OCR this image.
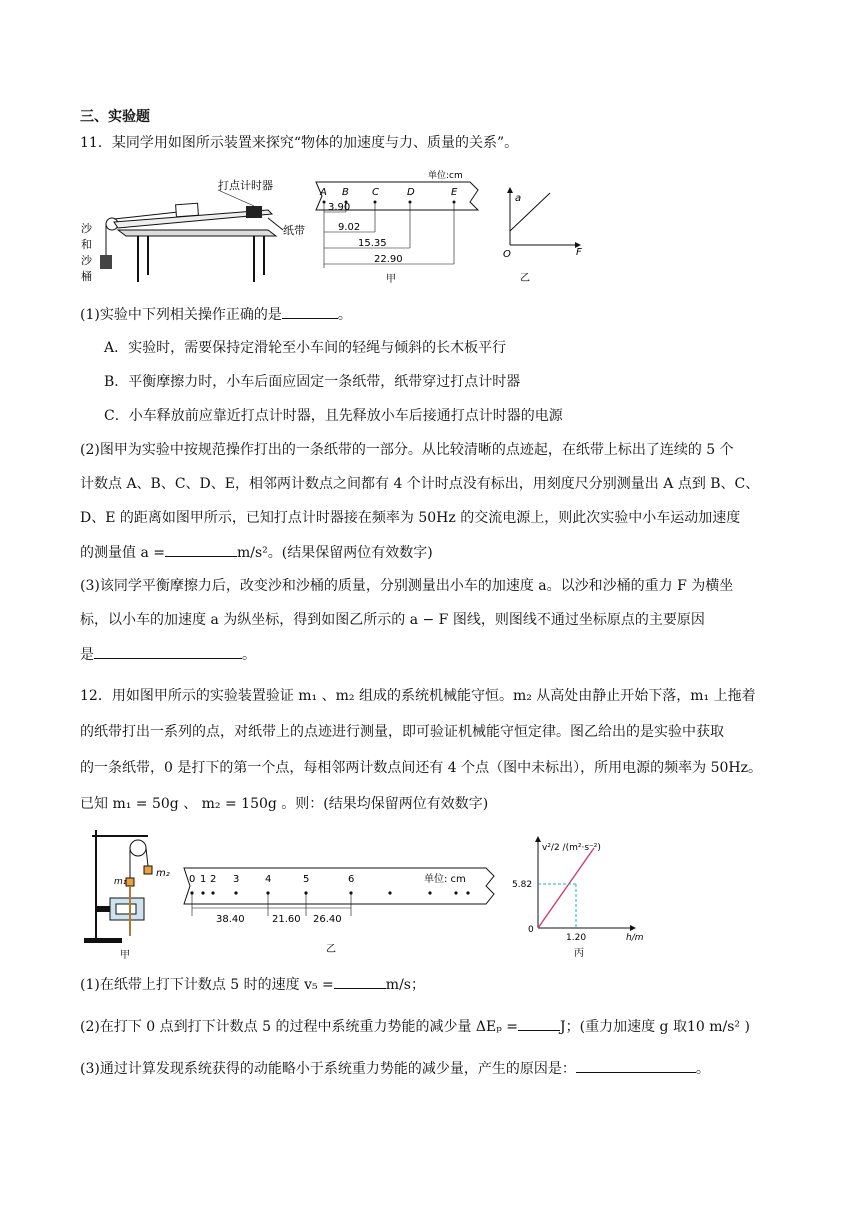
三、实验题
11．某同学用如图所示装置来探究“物体的加速度与力、质量的关系”。
沙
和
沙
桶
打点计时器
纸带
单位:cm
A B C	D	E
3.90
9.02
15.35
22.90
甲
a
F
O
乙
(1)实验中下列相关操作正确的是	。
A．实验时，需要保持定滑轮至小车间的轻绳与倾斜的长木板平行
B．平衡摩擦力时，小车后面应固定一条纸带，纸带穿过打点计时器
C．小车释放前应靠近打点计时器，且先释放小车后接通打点计时器的电源
(2)图甲为实验中按规范操作打出的一条纸带的一部分。从比较清晰的点迹起，在纸带上标出了连续的 5 个
计数点 A、B、C、D、E，相邻两计数点之间都有 4 个计时点没有标出，用刻度尺分别测量出 A 点到 B、C、
D、E 的距离如图甲所示，已知打点计时器接在频率为 50Hz 的交流电源上，则此次实验中小车运动加速度
的测量值 a =	m/s²。(结果保留两位有效数字)
(3)该同学平衡摩擦力后，改变沙和沙桶的质量，分别测量出小车的加速度 a。以沙和沙桶的重力 F 为横坐
标，以小车的加速度 a 为纵坐标，得到如图乙所示的 a − F 图线，则图线不通过坐标原点的主要原因
是	。
12．用如图甲所示的实验装置验证 m₁ 、m₂ 组成的系统机械能守恒。m₂ 从高处由静止开始下落，m₁ 上拖着
的纸带打出一系列的点，对纸带上的点迹进行测量，即可验证机械能守恒定律。图乙给出的是实验中获取
的一条纸带，0 是打下的第一个点，每相邻两计数点间还有 4 个点（图中未标出），所用电源的频率为 50Hz。
已知 m₁ = 50g 、 m₂ = 150g 。则：(结果均保留两位有效数字)
m₂
m₁
甲
单位: cm
0 1 2 3	4	5	6
38.40	21.60 26.40
乙
v²/2 /(m²·s⁻²)
5.82
1.20	h/m
0
丙
(1)在纸带上打下计数点 5 时的速度 v₅ =	m/s；
(2)在打下 0 点到打下计数点 5 的过程中系统重力势能的减少量 ΔEₚ =	J；(重力加速度 g 取10 m/s² )
(3)通过计算发现系统获得的动能略小于系统重力势能的减少量，产生的原因是：	。
